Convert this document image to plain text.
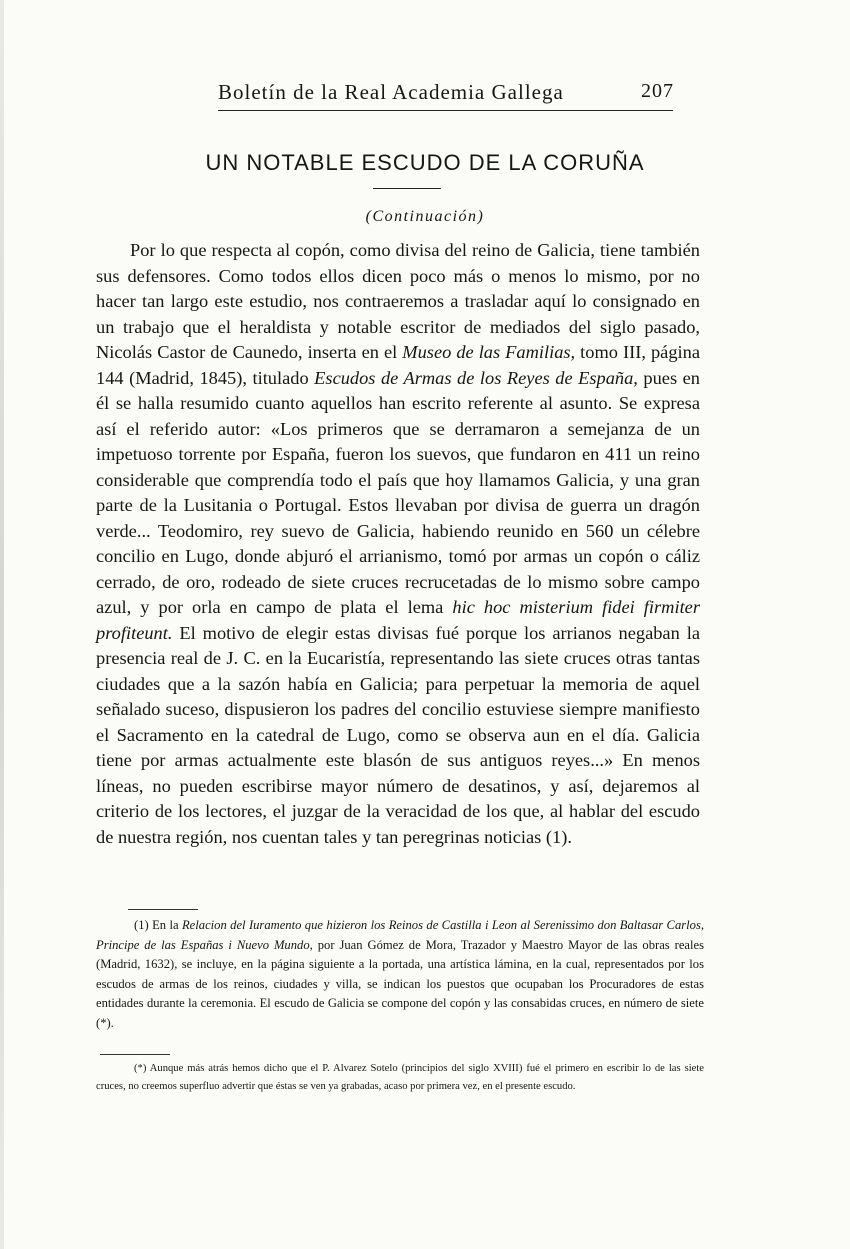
Boletín de la Real Academia Gallega	207
UN NOTABLE ESCUDO DE LA CORUÑA
(Continuación)

Por lo que respecta al copón, como divisa del reino de Galicia, tiene también sus defensores. Como todos ellos dicen poco más o menos lo mismo, por no hacer tan largo este estudio, nos contraeremos a trasladar aquí lo consignado en un trabajo que el heraldista y notable escritor de mediados del siglo pasado, Nicolás Castor de Caunedo, inserta en el Museo de las Familias, tomo III, página 144 (Madrid, 1845), titulado Escudos de Armas de los Reyes de España, pues en él se halla resumido cuanto aquellos han escrito referente al asunto. Se expresa así el referido autor: «Los primeros que se derramaron a semejanza de un impetuoso torrente por España, fueron los suevos, que fundaron en 411 un reino considerable que comprendía todo el país que hoy llamamos Galicia, y una gran parte de la Lusitania o Portugal. Estos llevaban por divisa de guerra un dragón verde... Teodomiro, rey suevo de Galicia, habiendo reunido en 560 un célebre concilio en Lugo, donde abjuró el arrianismo, tomó por armas un copón o cáliz cerrado, de oro, rodeado de siete cruces recrucetadas de lo mismo sobre campo azul, y por orla en campo de plata el lema hic hoc misterium fidei firmiter profiteunt. El motivo de elegir estas divisas fué porque los arrianos negaban la presencia real de J. C. en la Eucaristía, representando las siete cruces otras tantas ciudades que a la sazón había en Galicia; para perpetuar la memoria de aquel señalado suceso, dispusieron los padres del concilio estuviese siempre manifiesto el Sacramento en la catedral de Lugo, como se observa aun en el día. Galicia tiene por armas actualmente este blasón de sus antiguos reyes...» En menos líneas, no pueden escribirse mayor número de desatinos, y así, dejaremos al criterio de los lectores, el juzgar de la veracidad de los que, al hablar del escudo de nuestra región, nos cuentan tales y tan peregrinas noticias (1).

(1) En la Relacion del Iuramento que hizieron los Reinos de Castilla i Leon al Serenissimo don Baltasar Carlos, Principe de las Españas i Nuevo Mundo, por Juan Gómez de Mora, Trazador y Maestro Mayor de las obras reales (Madrid, 1632), se incluye, en la página siguiente a la portada, una artística lámina, en la cual, representados por los escudos de armas de los reinos, ciudades y villa, se indican los puestos que ocupaban los Procuradores de estas entidades durante la ceremonia. El escudo de Galicia se compone del copón y las consabidas cruces, en número de siete (*).

(*) Aunque más atrás hemos dicho que el P. Alvarez Sotelo (principios del siglo XVIII) fué el primero en escribir lo de las siete cruces, no creemos superfluo advertir que éstas se ven ya grabadas, acaso por primera vez, en el presente escudo.
